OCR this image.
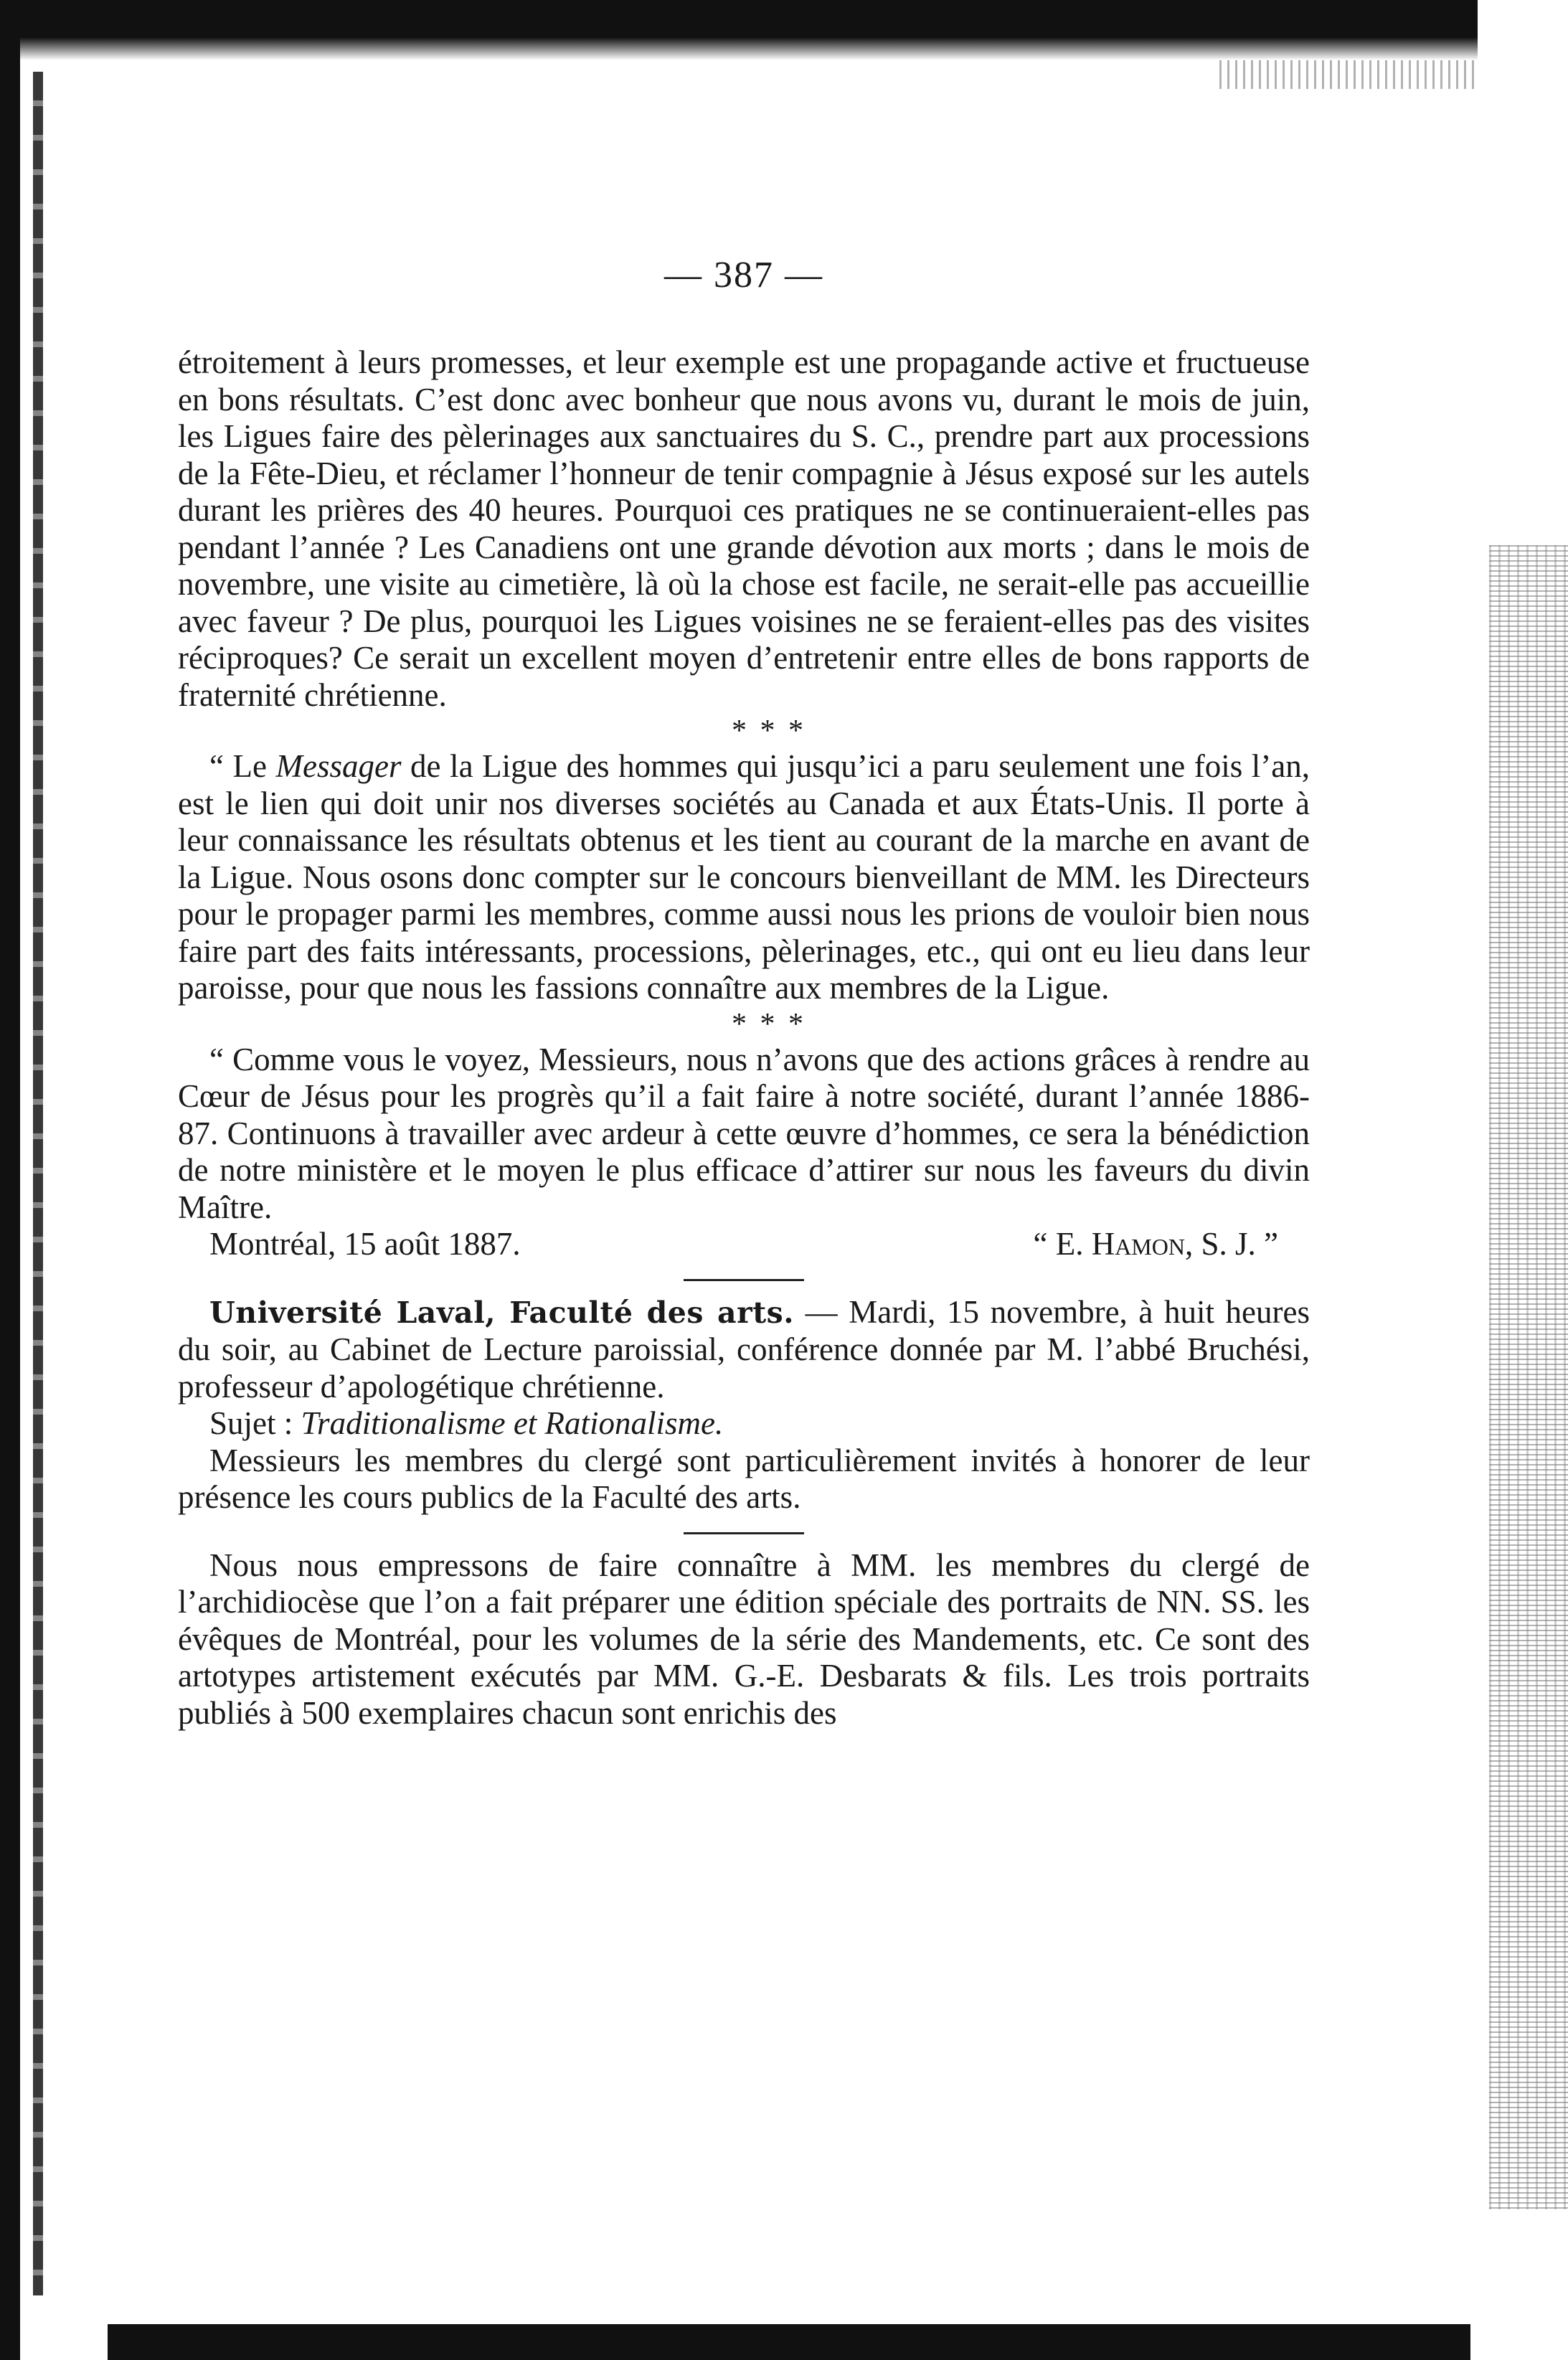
— 387 —

étroitement à leurs promesses, et leur exemple est une propagande active et fructueuse en bons résultats. C’est donc avec bonheur que nous avons vu, durant le mois de juin, les Ligues faire des pèlerinages aux sanctuaires du S. C., prendre part aux processions de la Fête-Dieu, et réclamer l’honneur de tenir compagnie à Jésus exposé sur les autels durant les prières des 40 heures. Pourquoi ces pratiques ne se continueraient-elles pas pendant l’année ? Les Canadiens ont une grande dévotion aux morts ; dans le mois de novembre, une visite au cimetière, là où la chose est facile, ne serait-elle pas accueillie avec faveur ? De plus, pourquoi les Ligues voisines ne se feraient-elles pas des visites réciproques? Ce serait un excellent moyen d’entretenir entre elles de bons rapports de fraternité chrétienne.

* * *

“ Le Messager de la Ligue des hommes qui jusqu’ici a paru seulement une fois l’an, est le lien qui doit unir nos diverses sociétés au Canada et aux États-Unis. Il porte à leur connaissance les résultats obtenus et les tient au courant de la marche en avant de la Ligue. Nous osons donc compter sur le concours bienveillant de MM. les Directeurs pour le propager parmi les membres, comme aussi nous les prions de vouloir bien nous faire part des faits intéressants, processions, pèlerinages, etc., qui ont eu lieu dans leur paroisse, pour que nous les fassions connaître aux membres de la Ligue.

* * *

“ Comme vous le voyez, Messieurs, nous n’avons que des actions grâces à rendre au Cœur de Jésus pour les progrès qu’il a fait faire à notre société, durant l’année 1886-87. Continuons à travailler avec ardeur à cette œuvre d’hommes, ce sera la bénédiction de notre ministère et le moyen le plus efficace d’attirer sur nous les faveurs du divin Maître.

Montréal, 15 août 1887.	“ E. Hamon, S. J. ”

Université Laval, Faculté des arts. — Mardi, 15 novembre, à huit heures du soir, au Cabinet de Lecture paroissial, conférence donnée par M. l’abbé Bruchési, professeur d’apologétique chrétienne.

Sujet : Traditionalisme et Rationalisme.

Messieurs les membres du clergé sont particulièrement invités à honorer de leur présence les cours publics de la Faculté des arts.

Nous nous empressons de faire connaître à MM. les membres du clergé de l’archidiocèse que l’on a fait préparer une édition spéciale des portraits de NN. SS. les évêques de Montréal, pour les volumes de la série des Mandements, etc. Ce sont des artotypes artistement exécutés par MM. G.-E. Desbarats & fils. Les trois portraits publiés à 500 exemplaires chacun sont enrichis des
